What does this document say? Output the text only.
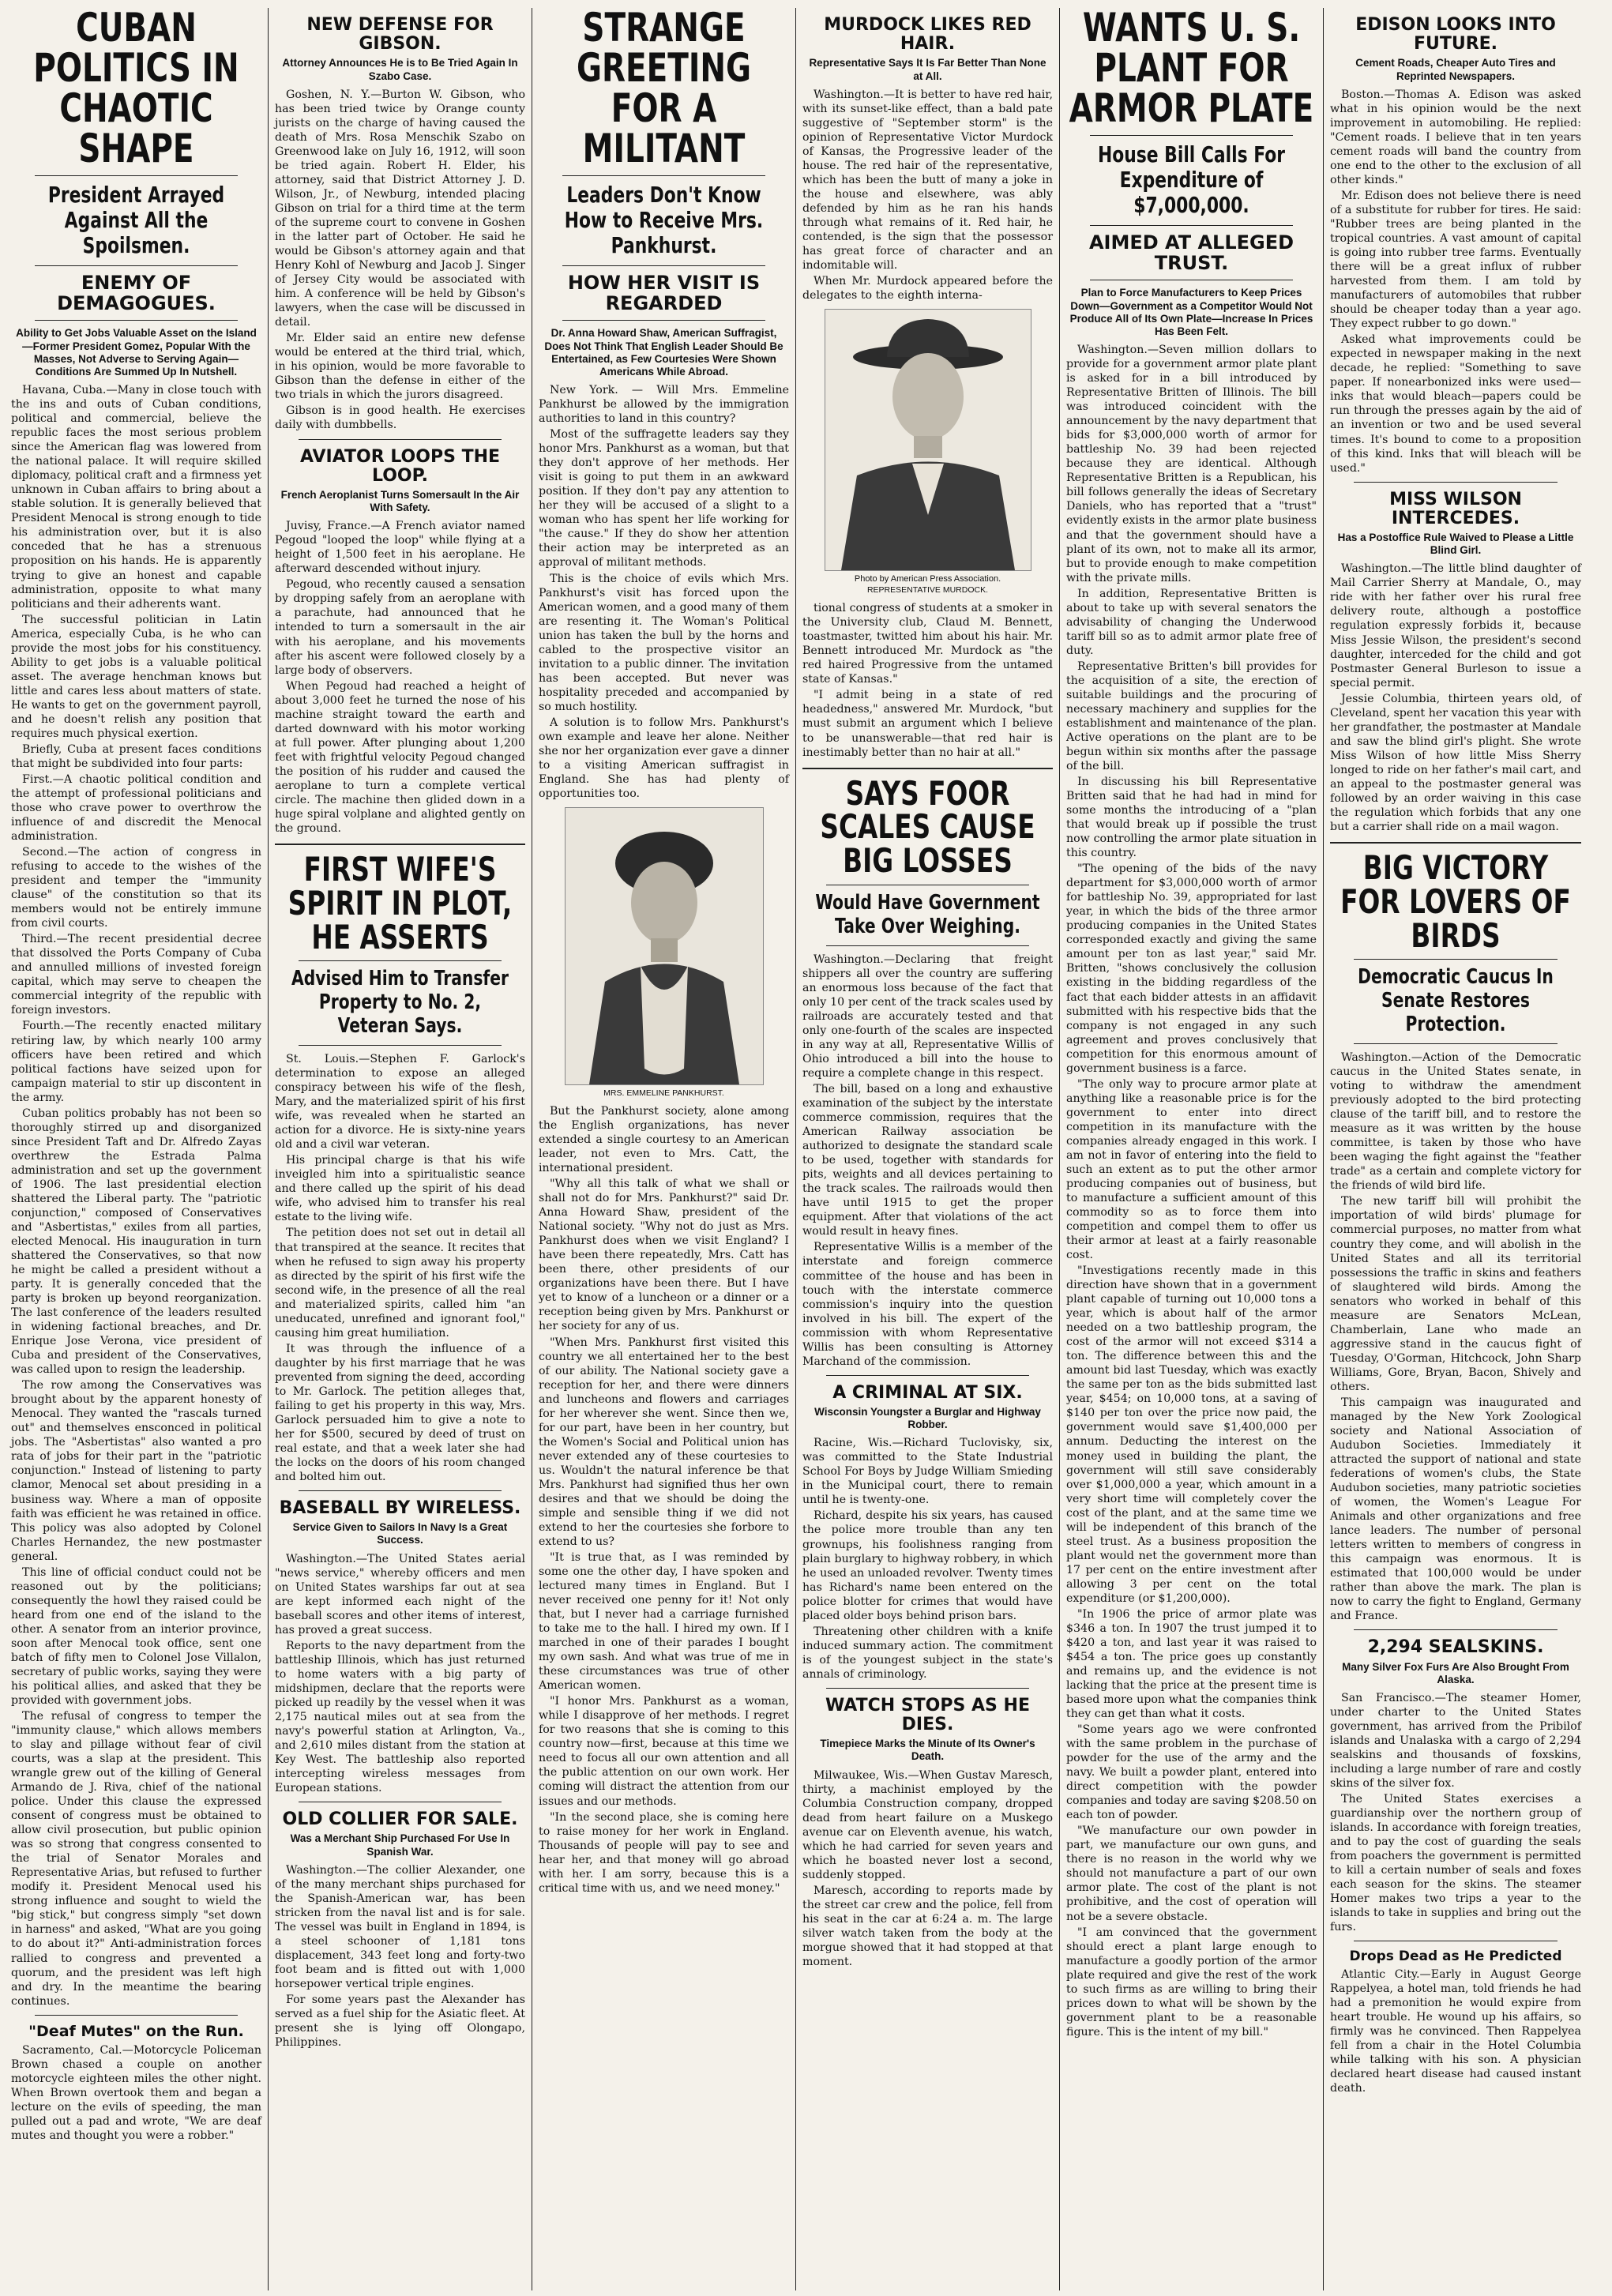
CUBAN POLITICS IN CHAOTIC SHAPE
President Arrayed Against All the Spoilsmen.
ENEMY OF DEMAGOGUES.
Ability to Get Jobs Valuable Asset on the Island—Former President Gomez, Popular With the Masses, Not Adverse to Serving Again—Conditions Are Summed Up In Nutshell.

Havana, Cuba.—Many in close touch with the ins and outs of Cuban conditions, political and commercial, believe the republic faces the most serious problem since the American flag was lowered from the national palace. It will require skilled diplomacy, political craft and a firmness yet unknown in Cuban affairs to bring about a stable solution. It is generally believed that President Menocal is strong enough to tide his administration over, but it is also conceded that he has a strenuous proposition on his hands. He is apparently trying to give an honest and capable administration, opposite to what many politicians and their adherents want.

The successful politician in Latin America, especially Cuba, is he who can provide the most jobs for his constituency. Ability to get jobs is a valuable political asset. The average henchman knows but little and cares less about matters of state. He wants to get on the government payroll, and he doesn't relish any position that requires much physical exertion.

Briefly, Cuba at present faces conditions that might be subdivided into four parts:

First.—A chaotic political condition and the attempt of professional politicians and those who crave power to overthrow the influence of and discredit the Menocal administration.

Second.—The action of congress in refusing to accede to the wishes of the president and temper the "immunity clause" of the constitution so that its members would not be entirely immune from civil courts.

Third.—The recent presidential decree that dissolved the Ports Company of Cuba and annulled millions of invested foreign capital, which may serve to cheapen the commercial integrity of the republic with foreign investors.

Fourth.—The recently enacted military retiring law, by which nearly 100 army officers have been retired and which political factions have seized upon for campaign material to stir up discontent in the army.

Cuban politics probably has not been so thoroughly stirred up and disorganized since President Taft and Dr. Alfredo Zayas overthrew the Estrada Palma administration and set up the government of 1906. The last presidential election shattered the Liberal party. The "patriotic conjunction," composed of Conservatives and "Asbertistas," exiles from all parties, elected Menocal. His inauguration in turn shattered the Conservatives, so that now he might be called a president without a party. It is generally conceded that the party is broken up beyond reorganization. The last conference of the leaders resulted in widening factional breaches, and Dr. Enrique Jose Verona, vice president of Cuba and president of the Conservatives, was called upon to resign the leadership.

The row among the Conservatives was brought about by the apparent honesty of Menocal. They wanted the "rascals turned out" and themselves ensconced in political jobs. The "Asbertistas" also wanted a pro rata of jobs for their part in the "patriotic conjunction." Instead of listening to party clamor, Menocal set about presiding in a business way. Where a man of opposite faith was efficient he was retained in office. This policy was also adopted by Colonel Charles Hernandez, the new postmaster general.

This line of official conduct could not be reasoned out by the politicians; consequently the howl they raised could be heard from one end of the island to the other. A senator from an interior province, soon after Menocal took office, sent one batch of fifty men to Colonel Jose Villalon, secretary of public works, saying they were his political allies, and asked that they be provided with government jobs.

The refusal of congress to temper the "immunity clause," which allows members to slay and pillage without fear of civil courts, was a slap at the president. This wrangle grew out of the killing of General Armando de J. Riva, chief of the national police. Under this clause the expressed consent of congress must be obtained to allow civil prosecution, but public opinion was so strong that congress consented to the trial of Senator Morales and Representative Arias, but refused to further modify it. President Menocal used his strong influence and sought to wield the "big stick," but congress simply "set down in harness" and asked, "What are you going to do about it?" Anti-administration forces rallied to congress and prevented a quorum, and the president was left high and dry. In the meantime the bearing continues.

"Deaf Mutes" on the Run.

Sacramento, Cal.—Motorcycle Policeman Brown chased a couple on another motorcycle eighteen miles the other night. When Brown overtook them and began a lecture on the evils of speeding, the man pulled out a pad and wrote, "We are deaf mutes and thought you were a robber."

NEW DEFENSE FOR GIBSON.
Attorney Announces He is to Be Tried Again In Szabo Case.

Goshen, N. Y.—Burton W. Gibson, who has been tried twice by Orange county jurists on the charge of having caused the death of Mrs. Rosa Menschik Szabo on Greenwood lake on July 16, 1912, will soon be tried again. Robert H. Elder, his attorney, said that District Attorney J. D. Wilson, Jr., of Newburg, intended placing Gibson on trial for a third time at the term of the supreme court to convene in Goshen in the latter part of October. He said he would be Gibson's attorney again and that Henry Kohl of Newburg and Jacob J. Singer of Jersey City would be associated with him. A conference will be held by Gibson's lawyers, when the case will be discussed in detail.

Mr. Elder said an entire new defense would be entered at the third trial, which, in his opinion, would be more favorable to Gibson than the defense in either of the two trials in which the jurors disagreed.

Gibson is in good health. He exercises daily with dumbbells.

AVIATOR LOOPS THE LOOP.
French Aeroplanist Turns Somersault In the Air With Safety.

Juvisy, France.—A French aviator named Pegoud "looped the loop" while flying at a height of 1,500 feet in his aeroplane. He afterward descended without injury.

Pegoud, who recently caused a sensation by dropping safely from an aeroplane with a parachute, had announced that he intended to turn a somersault in the air with his aeroplane, and his movements after his ascent were followed closely by a large body of observers.

When Pegoud had reached a height of about 3,000 feet he turned the nose of his machine straight toward the earth and darted downward with his motor working at full power. After plunging about 1,200 feet with frightful velocity Pegoud changed the position of his rudder and caused the aeroplane to turn a complete vertical circle. The machine then glided down in a huge spiral volplane and alighted gently on the ground.

FIRST WIFE'S SPIRIT IN PLOT, HE ASSERTS
Advised Him to Transfer Property to No. 2, Veteran Says.

St. Louis.—Stephen F. Garlock's determination to expose an alleged conspiracy between his wife of the flesh, Mary, and the materialized spirit of his first wife, was revealed when he started an action for a divorce. He is sixty-nine years old and a civil war veteran.

His principal charge is that his wife inveigled him into a spiritualistic seance and there called up the spirit of his dead wife, who advised him to transfer his real estate to the living wife.

The petition does not set out in detail all that transpired at the seance. It recites that when he refused to sign away his property as directed by the spirit of his first wife the second wife, in the presence of all the real and materialized spirits, called him "an uneducated, unrefined and ignorant fool," causing him great humiliation.

It was through the influence of a daughter by his first marriage that he was prevented from signing the deed, according to Mr. Garlock. The petition alleges that, failing to get his property in this way, Mrs. Garlock persuaded him to give a note to her for $500, secured by deed of trust on real estate, and that a week later she had the locks on the doors of his room changed and bolted him out.

BASEBALL BY WIRELESS.
Service Given to Sailors In Navy Is a Great Success.

Washington.—The United States aerial "news service," whereby officers and men on United States warships far out at sea are kept informed each night of the baseball scores and other items of interest, has proved a great success.

Reports to the navy department from the battleship Illinois, which has just returned to home waters with a big party of midshipmen, declare that the reports were picked up readily by the vessel when it was 2,175 nautical miles out at sea from the navy's powerful station at Arlington, Va., and 2,610 miles distant from the station at Key West. The battleship also reported intercepting wireless messages from European stations.

OLD COLLIER FOR SALE.
Was a Merchant Ship Purchased For Use In Spanish War.

Washington.—The collier Alexander, one of the many merchant ships purchased for the Spanish-American war, has been stricken from the naval list and is for sale. The vessel was built in England in 1894, is a steel schooner of 1,181 tons displacement, 343 feet long and forty-two foot beam and is fitted out with 1,000 horsepower vertical triple engines.

For some years past the Alexander has served as a fuel ship for the Asiatic fleet. At present she is lying off Olongapo, Philippines.

STRANGE GREETING FOR A MILITANT
Leaders Don't Know How to Receive Mrs. Pankhurst.
HOW HER VISIT IS REGARDED
Dr. Anna Howard Shaw, American Suffragist, Does Not Think That English Leader Should Be Entertained, as Few Courtesies Were Shown Americans While Abroad.

New York. — Will Mrs. Emmeline Pankhurst be allowed by the immigration authorities to land in this country?

Most of the suffragette leaders say they honor Mrs. Pankhurst as a woman, but that they don't approve of her methods. Her visit is going to put them in an awkward position. If they don't pay any attention to her they will be accused of a slight to a woman who has spent her life working for "the cause." If they do show her attention their action may be interpreted as an approval of militant methods.

This is the choice of evils which Mrs. Pankhurst's visit has forced upon the American women, and a good many of them are resenting it. The Woman's Political union has taken the bull by the horns and cabled to the prospective visitor an invitation to a public dinner. The invitation has been accepted. But never was hospitality preceded and accompanied by so much hostility.

A solution is to follow Mrs. Pankhurst's own example and leave her alone. Neither she nor her organization ever gave a dinner to a visiting American suffragist in England. She has had plenty of opportunities too.

MRS. EMMELINE PANKHURST.

But the Pankhurst society, alone among the English organizations, has never extended a single courtesy to an American leader, not even to Mrs. Catt, the international president.

"Why all this talk of what we shall or shall not do for Mrs. Pankhurst?" said Dr. Anna Howard Shaw, president of the National society. "Why not do just as Mrs. Pankhurst does when we visit England? I have been there repeatedly, Mrs. Catt has been there, other presidents of our organizations have been there. But I have yet to know of a luncheon or a dinner or a reception being given by Mrs. Pankhurst or her society for any of us.

"When Mrs. Pankhurst first visited this country we all entertained her to the best of our ability. The National society gave a reception for her, and there were dinners and luncheons and flowers and carriages for her wherever she went. Since then we, for our part, have been in her country, but the Women's Social and Political union has never extended any of these courtesies to us. Wouldn't the natural inference be that Mrs. Pankhurst had signified thus her own desires and that we should be doing the simple and sensible thing if we did not extend to her the courtesies she forbore to extend to us?

"It is true that, as I was reminded by some one the other day, I have spoken and lectured many times in England. But I never received one penny for it! Not only that, but I never had a carriage furnished to take me to the hall. I hired my own. If I marched in one of their parades I bought my own sash. And what was true of me in these circumstances was true of other American women.

"I honor Mrs. Pankhurst as a woman, while I disapprove of her methods. I regret for two reasons that she is coming to this country now—first, because at this time we need to focus all our own attention and all the public attention on our own work. Her coming will distract the attention from our issues and our methods.

"In the second place, she is coming here to raise money for her work in England. Thousands of people will pay to see and hear her, and that money will go abroad with her. I am sorry, because this is a critical time with us, and we need money."

MURDOCK LIKES RED HAIR.
Representative Says It Is Far Better Than None at All.

Washington.—It is better to have red hair, with its sunset-like effect, than a bald pate suggestive of "September storm" is the opinion of Representative Victor Murdock of Kansas, the Progressive leader of the house. The red hair of the representative, which has been the butt of many a joke in the house and elsewhere, was ably defended by him as he ran his hands through what remains of it. Red hair, he contended, is the sign that the possessor has great force of character and an indomitable will.

When Mr. Murdock appeared before the delegates to the eighth interna-

Photo by American Press Association.
REPRESENTATIVE MURDOCK.

tional congress of students at a smoker in the University club, Claud M. Bennett, toastmaster, twitted him about his hair. Mr. Bennett introduced Mr. Murdock as "the red haired Progressive from the untamed state of Kansas."

"I admit being in a state of red headedness," answered Mr. Murdock, "but must submit an argument which I believe to be unanswerable—that red hair is inestimably better than no hair at all."

SAYS FOOR SCALES CAUSE BIG LOSSES
Would Have Government Take Over Weighing.

Washington.—Declaring that freight shippers all over the country are suffering an enormous loss because of the fact that only 10 per cent of the track scales used by railroads are accurately tested and that only one-fourth of the scales are inspected in any way at all, Representative Willis of Ohio introduced a bill into the house to require a complete change in this respect.

The bill, based on a long and exhaustive examination of the subject by the interstate commerce commission, requires that the American Railway association be authorized to designate the standard scale to be used, together with standards for pits, weights and all devices pertaining to the track scales. The railroads would then have until 1915 to get the proper equipment. After that violations of the act would result in heavy fines.

Representative Willis is a member of the interstate and foreign commerce committee of the house and has been in touch with the interstate commerce commission's inquiry into the question involved in his bill. The expert of the commission with whom Representative Willis has been consulting is Attorney Marchand of the commission.

A CRIMINAL AT SIX.
Wisconsin Youngster a Burglar and Highway Robber.

Racine, Wis.—Richard Tuclovisky, six, was committed to the State Industrial School For Boys by Judge William Smieding in the Municipal court, there to remain until he is twenty-one.

Richard, despite his six years, has caused the police more trouble than any ten grownups, his foolishness ranging from plain burglary to highway robbery, in which he used an unloaded revolver. Twenty times has Richard's name been entered on the police blotter for crimes that would have placed older boys behind prison bars.

Threatening other children with a knife induced summary action. The commitment is of the youngest subject in the state's annals of criminology.

WATCH STOPS AS HE DIES.
Timepiece Marks the Minute of Its Owner's Death.

Milwaukee, Wis.—When Gustav Maresch, thirty, a machinist employed by the Columbia Construction company, dropped dead from heart failure on a Muskego avenue car on Eleventh avenue, his watch, which he had carried for seven years and which he boasted never lost a second, suddenly stopped.

Maresch, according to reports made by the street car crew and the police, fell from his seat in the car at 6:24 a. m. The large silver watch taken from the body at the morgue showed that it had stopped at that moment.

WANTS U. S. PLANT FOR ARMOR PLATE
House Bill Calls For Expenditure of $7,000,000.
AIMED AT ALLEGED TRUST.
Plan to Force Manufacturers to Keep Prices Down—Government as a Competitor Would Not Produce All of Its Own Plate—Increase In Prices Has Been Felt.

Washington.—Seven million dollars to provide for a government armor plate plant is asked for in a bill introduced by Representative Britten of Illinois. The bill was introduced coincident with the announcement by the navy department that bids for $3,000,000 worth of armor for battleship No. 39 had been rejected because they are identical. Although Representative Britten is a Republican, his bill follows generally the ideas of Secretary Daniels, who has reported that a "trust" evidently exists in the armor plate business and that the government should have a plant of its own, not to make all its armor, but to provide enough to make competition with the private mills.

In addition, Representative Britten is about to take up with several senators the advisability of changing the Underwood tariff bill so as to admit armor plate free of duty.

Representative Britten's bill provides for the acquisition of a site, the erection of suitable buildings and the procuring of necessary machinery and supplies for the establishment and maintenance of the plan. Active operations on the plant are to be begun within six months after the passage of the bill.

In discussing his bill Representative Britten said that he had had in mind for some months the introducing of a "plan that would break up if possible the trust now controlling the armor plate situation in this country.

"The opening of the bids of the navy department for $3,000,000 worth of armor for battleship No. 39, appropriated for last year, in which the bids of the three armor producing companies in the United States corresponded exactly and giving the same amount per ton as last year," said Mr. Britten, "shows conclusively the collusion existing in the bidding regardless of the fact that each bidder attests in an affidavit submitted with his respective bids that the company is not engaged in any such agreement and proves conclusively that competition for this enormous amount of government business is a farce.

"The only way to procure armor plate at anything like a reasonable price is for the government to enter into direct competition in its manufacture with the companies already engaged in this work. I am not in favor of entering into the field to such an extent as to put the other armor producing companies out of business, but to manufacture a sufficient amount of this commodity so as to force them into competition and compel them to offer us their armor at least at a fairly reasonable cost.

"Investigations recently made in this direction have shown that in a government plant capable of turning out 10,000 tons a year, which is about half of the armor needed on a two battleship program, the cost of the armor will not exceed $314 a ton. The difference between this and the amount bid last Tuesday, which was exactly the same per ton as the bids submitted last year, $454; on 10,000 tons, at a saving of $140 per ton over the price now paid, the government would save $1,400,000 per annum. Deducting the interest on the money used in building the plant, the government will still save considerably over $1,000,000 a year, which amount in a very short time will completely cover the cost of the plant, and at the same time we will be independent of this branch of the steel trust. As a business proposition the plant would net the government more than 17 per cent on the entire investment after allowing 3 per cent on the total expenditure (or $1,200,000).

"In 1906 the price of armor plate was $346 a ton. In 1907 the trust jumped it to $420 a ton, and last year it was raised to $454 a ton. The price goes up constantly and remains up, and the evidence is not lacking that the price at the present time is based more upon what the companies think they can get than what it costs.

"Some years ago we were confronted with the same problem in the purchase of powder for the use of the army and the navy. We built a powder plant, entered into direct competition with the powder companies and today are saving $208.50 on each ton of powder.

"We manufacture our own powder in part, we manufacture our own guns, and there is no reason in the world why we should not manufacture a part of our own armor plate. The cost of the plant is not prohibitive, and the cost of operation will not be a severe obstacle.

"I am convinced that the government should erect a plant large enough to manufacture a goodly portion of the armor plate required and give the rest of the work to such firms as are willing to bring their prices down to what will be shown by the government plant to be a reasonable figure. This is the intent of my bill."

EDISON LOOKS INTO FUTURE.
Cement Roads, Cheaper Auto Tires and Reprinted Newspapers.

Boston.—Thomas A. Edison was asked what in his opinion would be the next improvement in automobiling. He replied: "Cement roads. I believe that in ten years cement roads will band the country from one end to the other to the exclusion of all other kinds."

Mr. Edison does not believe there is need of a substitute for rubber for tires. He said: "Rubber trees are being planted in the tropical countries. A vast amount of capital is going into rubber tree farms. Eventually there will be a great influx of rubber harvested from them. I am told by manufacturers of automobiles that rubber should be cheaper today than a year ago. They expect rubber to go down."

Asked what improvements could be expected in newspaper making in the next decade, he replied: "Something to save paper. If nonearbonized inks were used—inks that would bleach—papers could be run through the presses again by the aid of an invention or two and be used several times. It's bound to come to a proposition of this kind. Inks that will bleach will be used."

MISS WILSON INTERCEDES.
Has a Postoffice Rule Waived to Please a Little Blind Girl.

Washington.—The little blind daughter of Mail Carrier Sherry at Mandale, O., may ride with her father over his rural free delivery route, although a postoffice regulation expressly forbids it, because Miss Jessie Wilson, the president's second daughter, interceded for the child and got Postmaster General Burleson to issue a special permit.

Jessie Columbia, thirteen years old, of Cleveland, spent her vacation this year with her grandfather, the postmaster at Mandale and saw the blind girl's plight. She wrote Miss Wilson of how little Miss Sherry longed to ride on her father's mail cart, and an appeal to the postmaster general was followed by an order waiving in this case the regulation which forbids that any one but a carrier shall ride on a mail wagon.

BIG VICTORY FOR LOVERS OF BIRDS
Democratic Caucus In Senate Restores Protection.

Washington.—Action of the Democratic caucus in the United States senate, in voting to withdraw the amendment previously adopted to the bird protecting clause of the tariff bill, and to restore the measure as it was written by the house committee, is taken by those who have been waging the fight against the "feather trade" as a certain and complete victory for the friends of wild bird life.

The new tariff bill will prohibit the importation of wild birds' plumage for commercial purposes, no matter from what country they come, and will abolish in the United States and all its territorial possessions the traffic in skins and feathers of slaughtered wild birds. Among the senators who worked in behalf of this measure are Senators McLean, Chamberlain, Lane who made an aggressive stand in the caucus fight of Tuesday, O'Gorman, Hitchcock, John Sharp Williams, Gore, Bryan, Bacon, Shively and others.

This campaign was inaugurated and managed by the New York Zoological society and National Association of Audubon Societies. Immediately it attracted the support of national and state federations of women's clubs, the State Audubon societies, many patriotic societies of women, the Women's League For Animals and other organizations and free lance leaders. The number of personal letters written to members of congress in this campaign was enormous. It is estimated that 100,000 would be under rather than above the mark. The plan is now to carry the fight to England, Germany and France.

2,294 SEALSKINS.
Many Silver Fox Furs Are Also Brought From Alaska.

San Francisco.—The steamer Homer, under charter to the United States government, has arrived from the Pribilof islands and Unalaska with a cargo of 2,294 sealskins and thousands of foxskins, including a large number of rare and costly skins of the silver fox.

The United States exercises a guardianship over the northern group of islands. In accordance with foreign treaties, and to pay the cost of guarding the seals from poachers the government is permitted to kill a certain number of seals and foxes each season for the skins. The steamer Homer makes two trips a year to the islands to take in supplies and bring out the furs.

Drops Dead as He Predicted

Atlantic City.—Early in August George Rappelyea, a hotel man, told friends he had had a premonition he would expire from heart trouble. He wound up his affairs, so firmly was he convinced. Then Rappelyea fell from a chair in the Hotel Columbia while talking with his son. A physician declared heart disease had caused instant death.
